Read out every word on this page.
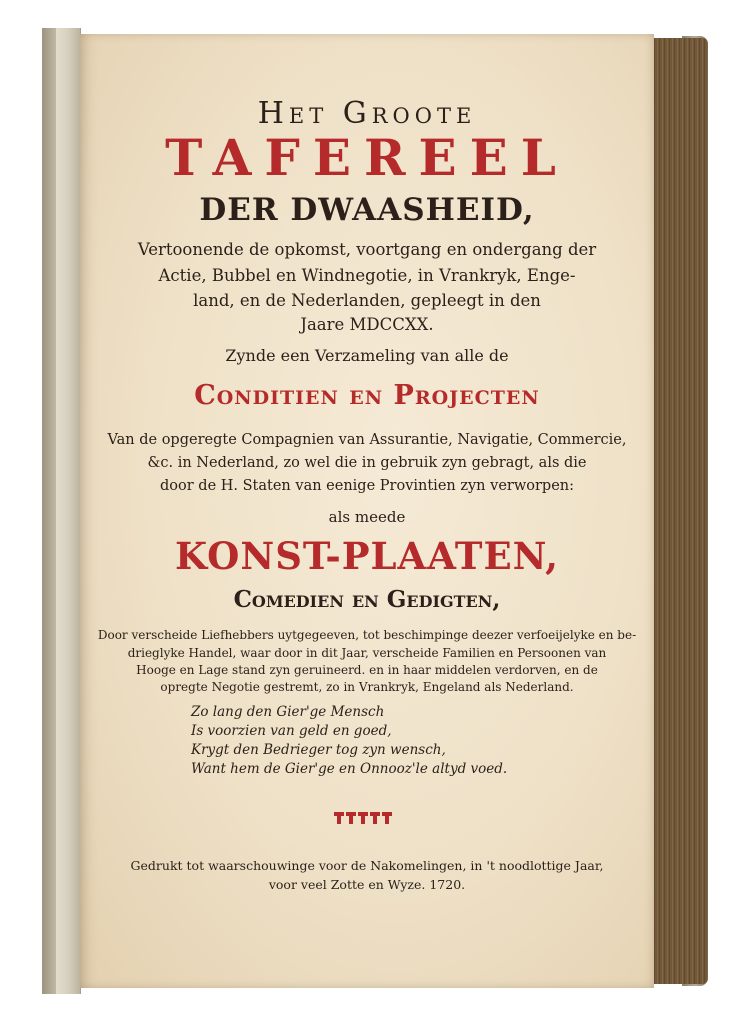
Het Groote
TAFEREEL
DER DWAASHEID,
Vertoonende de opkomst, voortgang en ondergang der
Actie, Bubbel en Windnegotie, in Vrankryk, Enge-
land, en de Nederlanden, gepleegt in den
Jaare MDCCXX.
Zynde een Verzameling van alle de
Conditien en Projecten
Van de opgeregte Compagnien van Assurantie, Navigatie, Commercie,
&c. in Nederland, zo wel die in gebruik zyn gebragt, als die
door de H. Staten van eenige Provintien zyn verworpen:
als meede
KONST-PLAATEN,
Comedien en Gedigten,
Door verscheide Liefhebbers uytgegeeven, tot beschimpinge deezer verfoeijelyke en be-
drieglyke Handel, waar door in dit Jaar, verscheide Familien en Persoonen van
Hooge en Lage stand zyn geruineerd. en in haar middelen verdorven, en de
opregte Negotie gestremt, zo in Vrankryk, Engeland als Nederland.
Zo lang den Gier'ge Mensch
Is voorzien van geld en goed,
Krygt den Bedrieger tog zyn wensch,
Want hem de Gier'ge en Onnooz'le altyd voed.
Gedrukt tot waarschouwinge voor de Nakomelingen, in 't noodlottige Jaar,
voor veel Zotte en Wyze. 1720.
